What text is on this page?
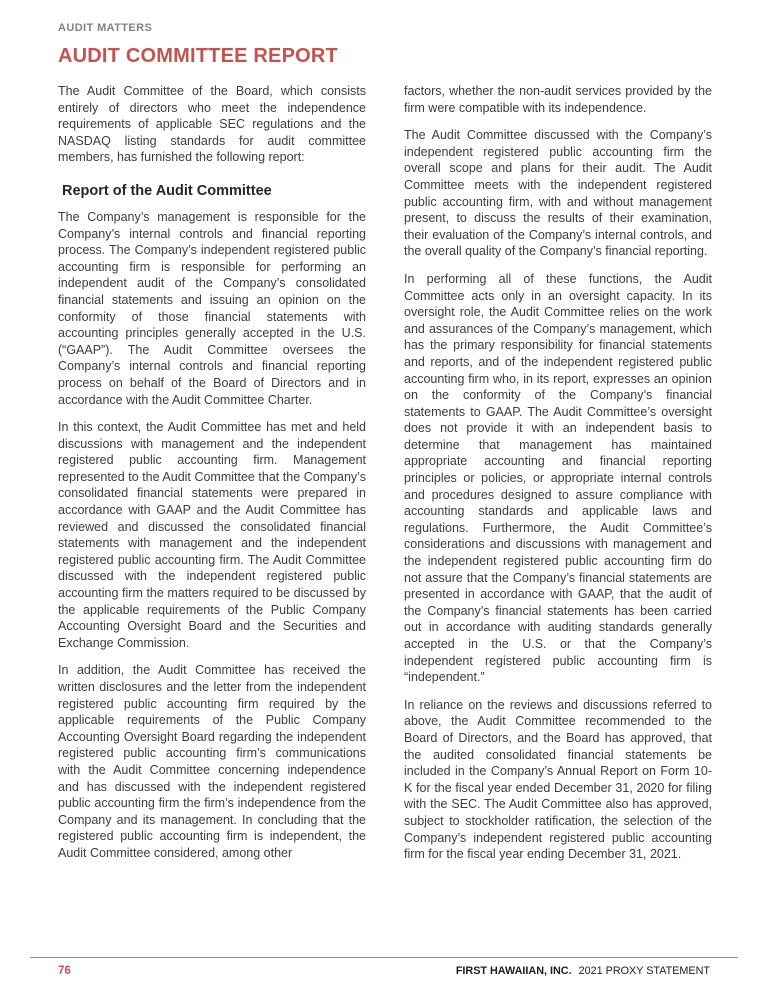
AUDIT MATTERS
AUDIT COMMITTEE REPORT

The Audit Committee of the Board, which consists entirely of directors who meet the independence requirements of applicable SEC regulations and the NASDAQ listing standards for audit committee members, has furnished the following report:

Report of the Audit Committee

The Company’s management is responsible for the Company’s internal controls and financial reporting process. The Company’s independent registered public accounting firm is responsible for performing an independent audit of the Company’s consolidated financial statements and issuing an opinion on the conformity of those financial statements with accounting principles generally accepted in the U.S. (“GAAP”). The Audit Committee oversees the Company’s internal controls and financial reporting process on behalf of the Board of Directors and in accordance with the Audit Committee Charter.

In this context, the Audit Committee has met and held discussions with management and the independent registered public accounting firm. Management represented to the Audit Committee that the Company’s consolidated financial statements were prepared in accordance with GAAP and the Audit Committee has reviewed and discussed the consolidated financial statements with management and the independent registered public accounting firm. The Audit Committee discussed with the independent registered public accounting firm the matters required to be discussed by the applicable requirements of the Public Company Accounting Oversight Board and the Securities and Exchange Commission.

In addition, the Audit Committee has received the written disclosures and the letter from the independent registered public accounting firm required by the applicable requirements of the Public Company Accounting Oversight Board regarding the independent registered public accounting firm’s communications with the Audit Committee concerning independence and has discussed with the independent registered public accounting firm the firm’s independence from the Company and its management. In concluding that the registered public accounting firm is independent, the Audit Committee considered, among other

factors, whether the non-audit services provided by the firm were compatible with its independence.

The Audit Committee discussed with the Company’s independent registered public accounting firm the overall scope and plans for their audit. The Audit Committee meets with the independent registered public accounting firm, with and without management present, to discuss the results of their examination, their evaluation of the Company’s internal controls, and the overall quality of the Company’s financial reporting.

In performing all of these functions, the Audit Committee acts only in an oversight capacity. In its oversight role, the Audit Committee relies on the work and assurances of the Company’s management, which has the primary responsibility for financial statements and reports, and of the independent registered public accounting firm who, in its report, expresses an opinion on the conformity of the Company’s financial statements to GAAP. The Audit Committee’s oversight does not provide it with an independent basis to determine that management has maintained appropriate accounting and financial reporting principles or policies, or appropriate internal controls and procedures designed to assure compliance with accounting standards and applicable laws and regulations. Furthermore, the Audit Committee’s considerations and discussions with management and the independent registered public accounting firm do not assure that the Company’s financial statements are presented in accordance with GAAP, that the audit of the Company’s financial statements has been carried out in accordance with auditing standards generally accepted in the U.S. or that the Company’s independent registered public accounting firm is “independent.”

In reliance on the reviews and discussions referred to above, the Audit Committee recommended to the Board of Directors, and the Board has approved, that the audited consolidated financial statements be included in the Company’s Annual Report on Form 10-K for the fiscal year ended December 31, 2020 for filing with the SEC. The Audit Committee also has approved, subject to stockholder ratification, the selection of the Company’s independent registered public accounting firm for the fiscal year ending December 31, 2021.

76	FIRST HAWAIIAN, INC. 2021 PROXY STATEMENT
